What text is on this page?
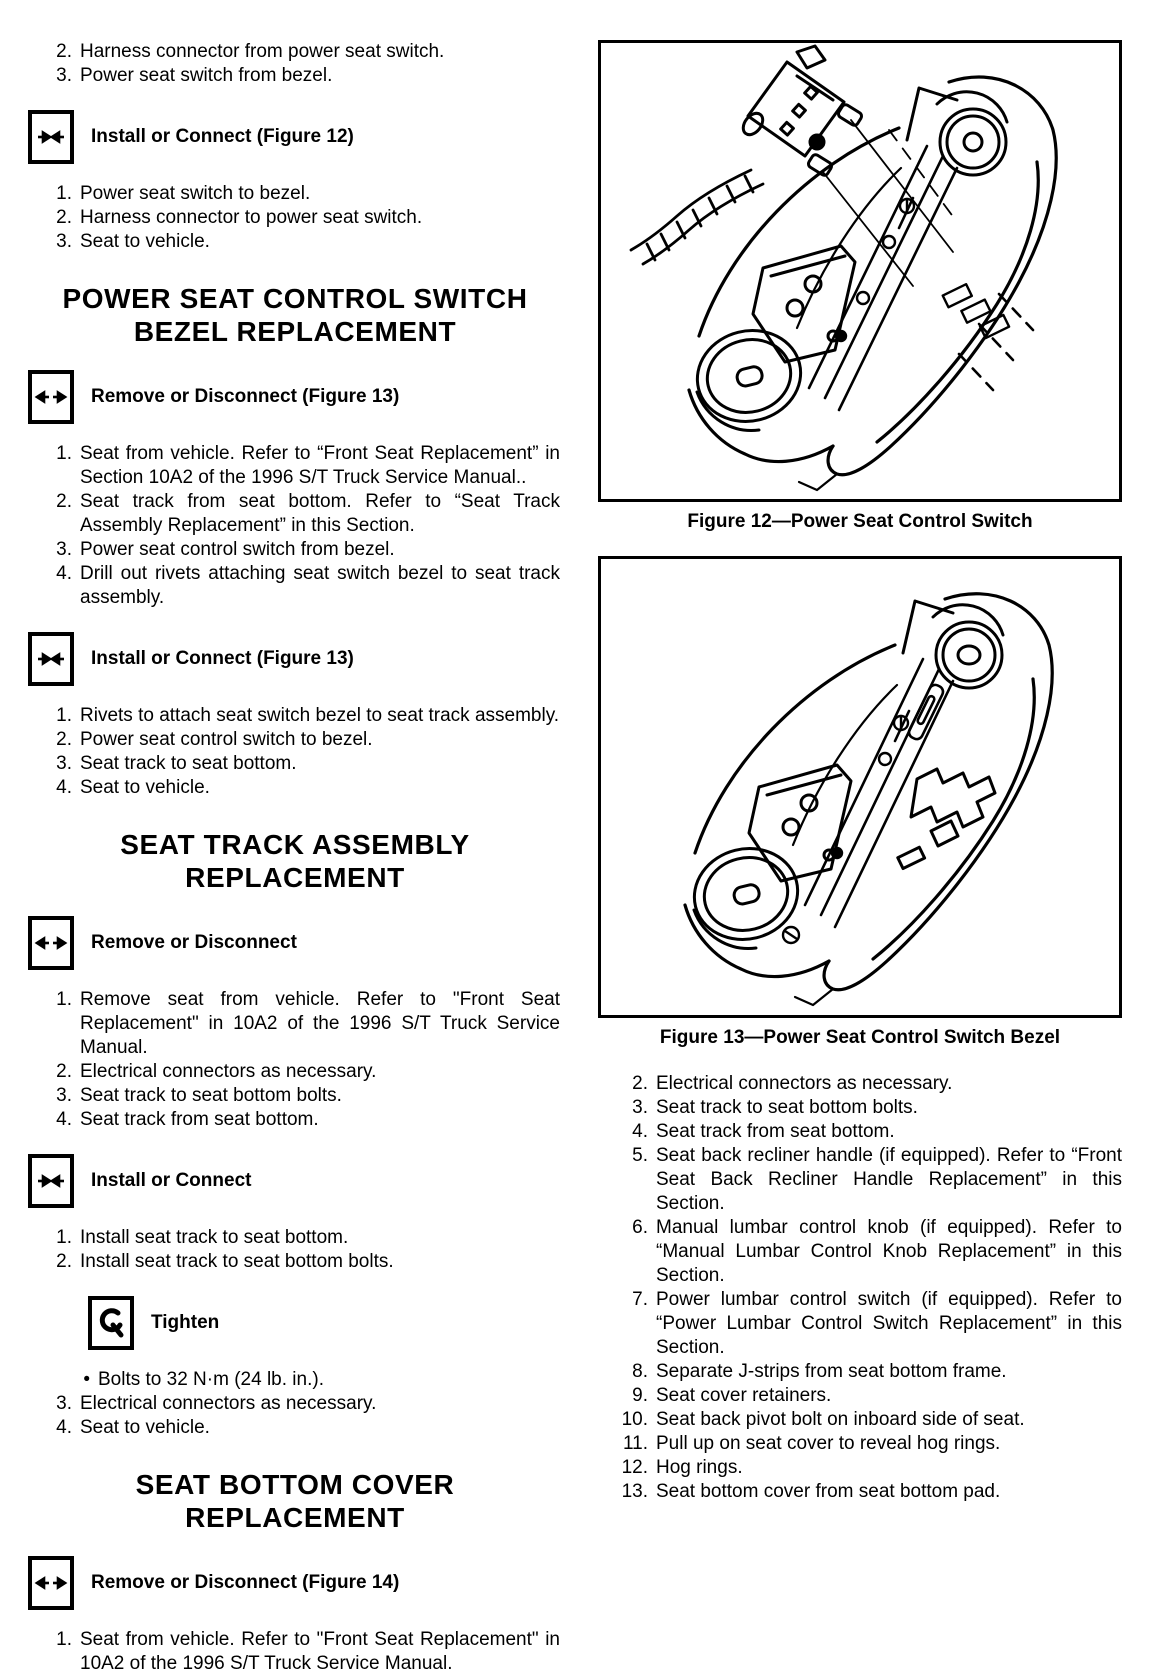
2. Harness connector from power seat switch.
3. Power seat switch from bezel.
Install or Connect (Figure 12)
1. Power seat switch to bezel.
2. Harness connector to power seat switch.
3. Seat to vehicle.
POWER SEAT CONTROL SWITCH
BEZEL REPLACEMENT
Remove or Disconnect (Figure 13)
1. Seat from vehicle. Refer to “Front Seat Replacement” in Section 10A2 of the 1996 S/T Truck Service Manual..
2. Seat track from seat bottom. Refer to “Seat Track Assembly Replacement” in this Section.
3. Power seat control switch from bezel.
4. Drill out rivets attaching seat switch bezel to seat track assembly.
Install or Connect (Figure 13)
1. Rivets to attach seat switch bezel to seat track assembly.
2. Power seat control switch to bezel.
3. Seat track to seat bottom.
4. Seat to vehicle.
SEAT TRACK ASSEMBLY
REPLACEMENT
Remove or Disconnect
1. Remove seat from vehicle. Refer to "Front Seat Replacement" in 10A2 of the 1996 S/T Truck Service Manual.
2. Electrical connectors as necessary.
3. Seat track to seat bottom bolts.
4. Seat track from seat bottom.
Install or Connect
1. Install seat track to seat bottom.
2. Install seat track to seat bottom bolts.
Tighten
• Bolts to 32 N·m (24 lb. in.).
3. Electrical connectors as necessary.
4. Seat to vehicle.
SEAT BOTTOM COVER
REPLACEMENT
Remove or Disconnect (Figure 14)
1. Seat from vehicle. Refer to "Front Seat Replacement" in 10A2 of the 1996 S/T Truck Service Manual.
Figure 12—Power Seat Control Switch
Figure 13—Power Seat Control Switch Bezel
2. Electrical connectors as necessary.
3. Seat track to seat bottom bolts.
4. Seat track from seat bottom.
5. Seat back recliner handle (if equipped). Refer to “Front Seat Back Recliner Handle Replacement” in this Section.
6. Manual lumbar control knob (if equipped). Refer to “Manual Lumbar Control Knob Replacement” in this Section.
7. Power lumbar control switch (if equipped). Refer to “Power Lumbar Control Switch Replacement” in this Section.
8. Separate J-strips from seat bottom frame.
9. Seat cover retainers.
10. Seat back pivot bolt on inboard side of seat.
11. Pull up on seat cover to reveal hog rings.
12. Hog rings.
13. Seat bottom cover from seat bottom pad.
